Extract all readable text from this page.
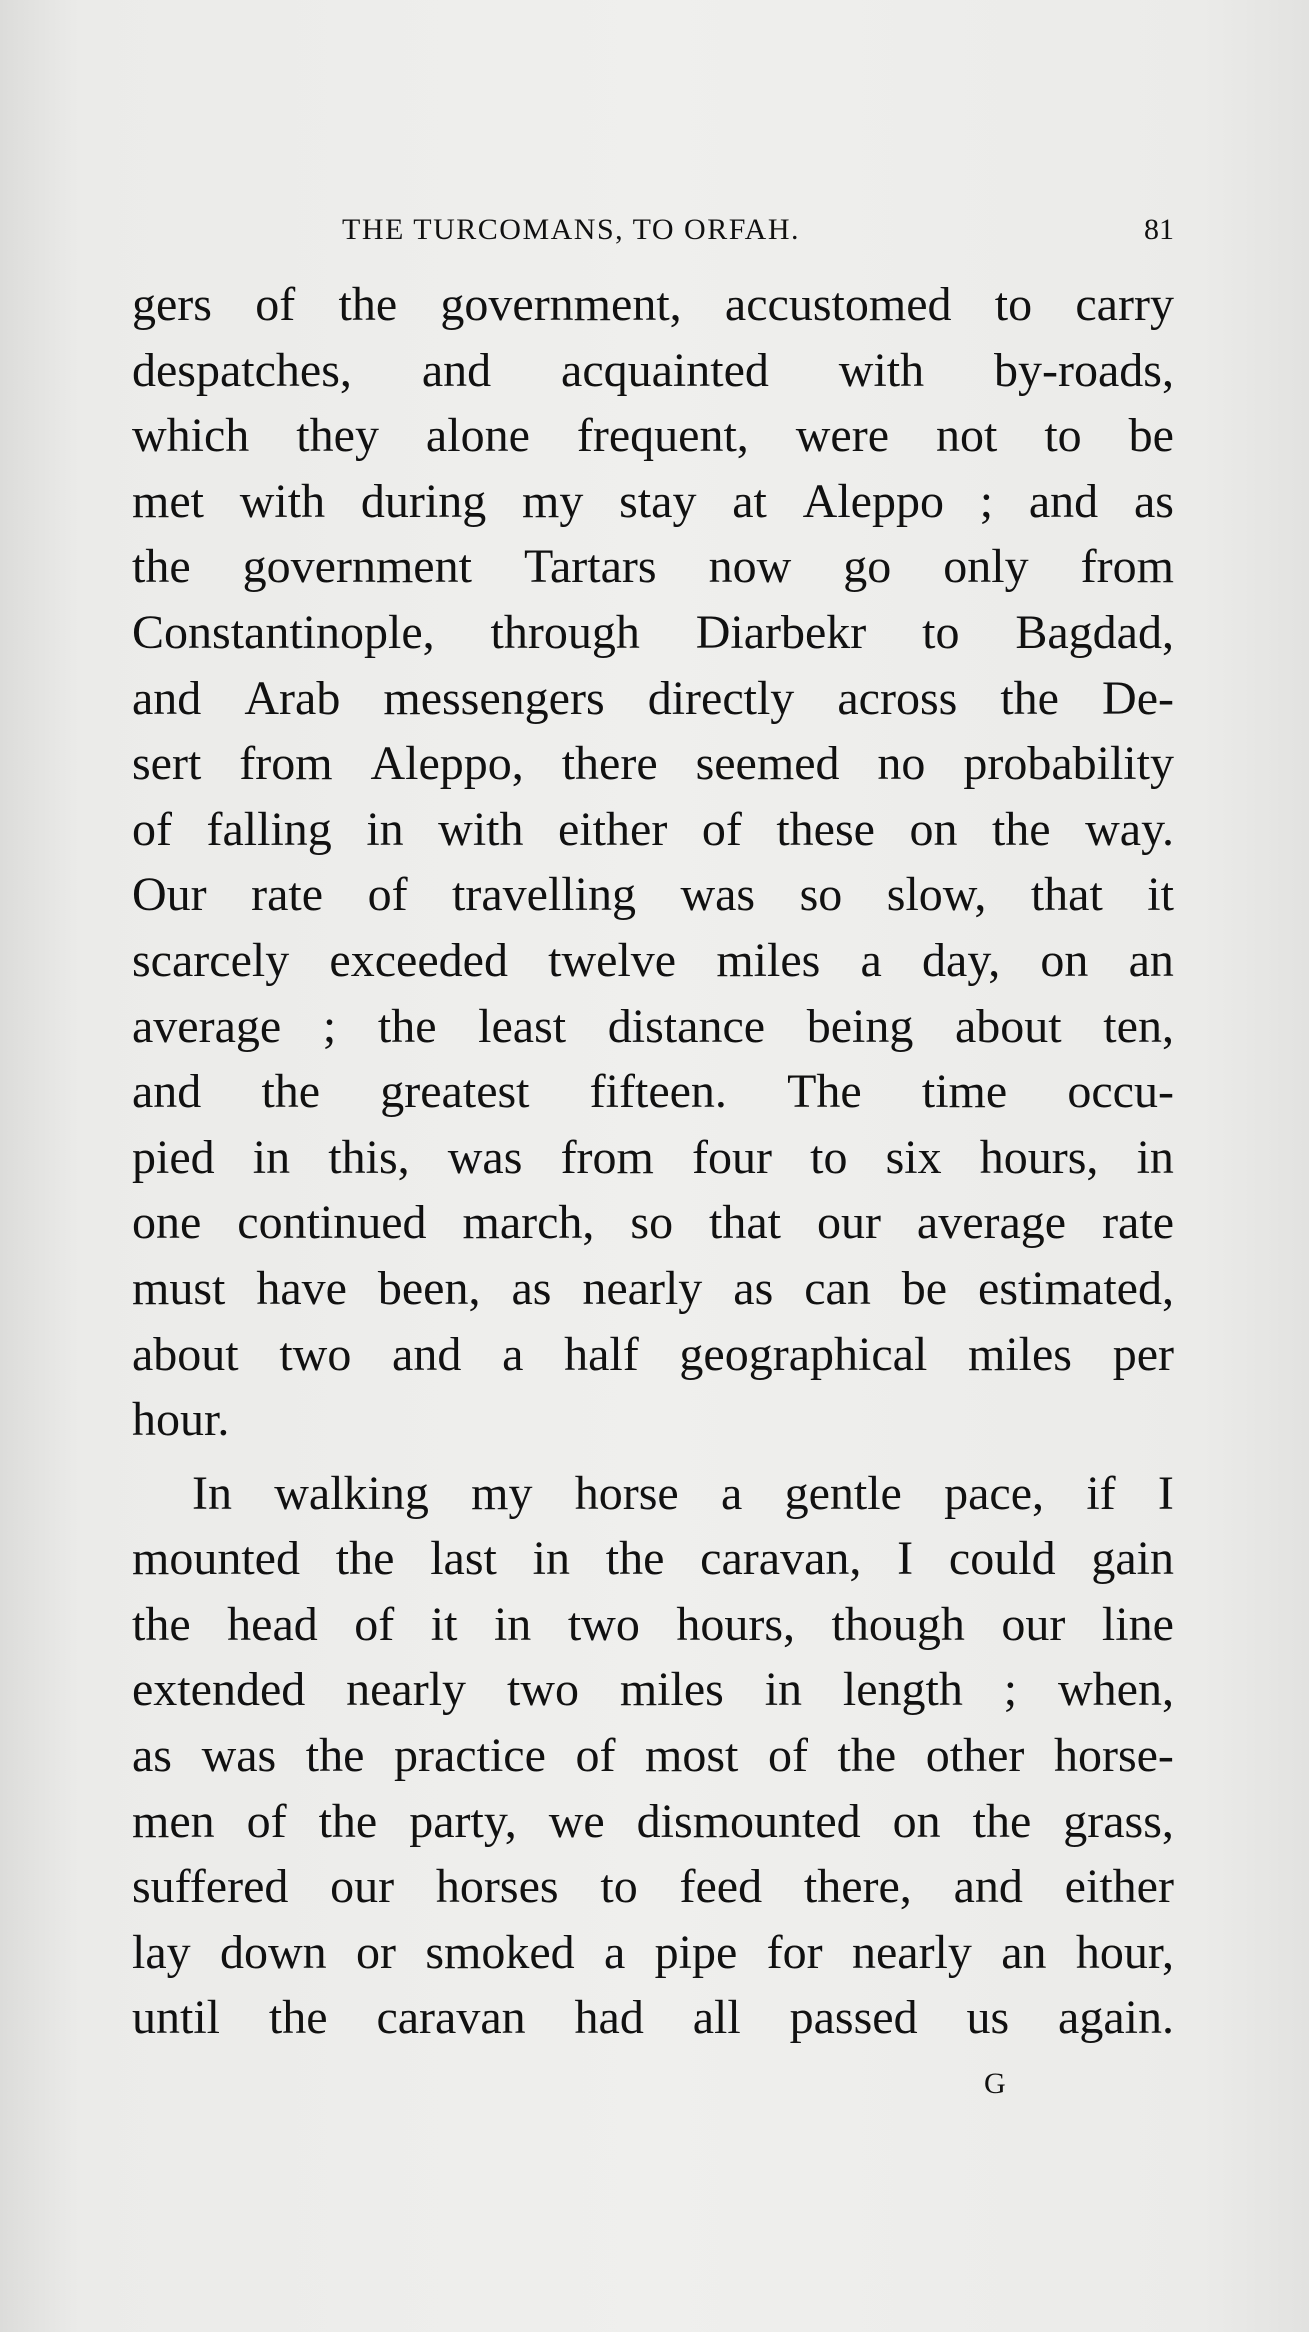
THE TURCOMANS, TO ORFAH.	81
gers of the government, accustomed to carry
despatches, and acquainted with by-roads,
which they alone frequent, were not to be
met with during my stay at Aleppo ; and as
the government Tartars now go only from
Constantinople, through Diarbekr to Bagdad,
and Arab messengers directly across the De-
sert from Aleppo, there seemed no probability
of falling in with either of these on the way.
Our rate of travelling was so slow, that it
scarcely exceeded twelve miles a day, on an
average ; the least distance being about ten,
and the greatest fifteen. The time occu-
pied in this, was from four to six hours, in
one continued march, so that our average rate
must have been, as nearly as can be estimated,
about two and a half geographical miles per
hour.
In walking my horse a gentle pace, if I
mounted the last in the caravan, I could gain
the head of it in two hours, though our line
extended nearly two miles in length ; when,
as was the practice of most of the other horse-
men of the party, we dismounted on the grass,
suffered our horses to feed there, and either
lay down or smoked a pipe for nearly an hour,
until the caravan had all passed us again.
G
